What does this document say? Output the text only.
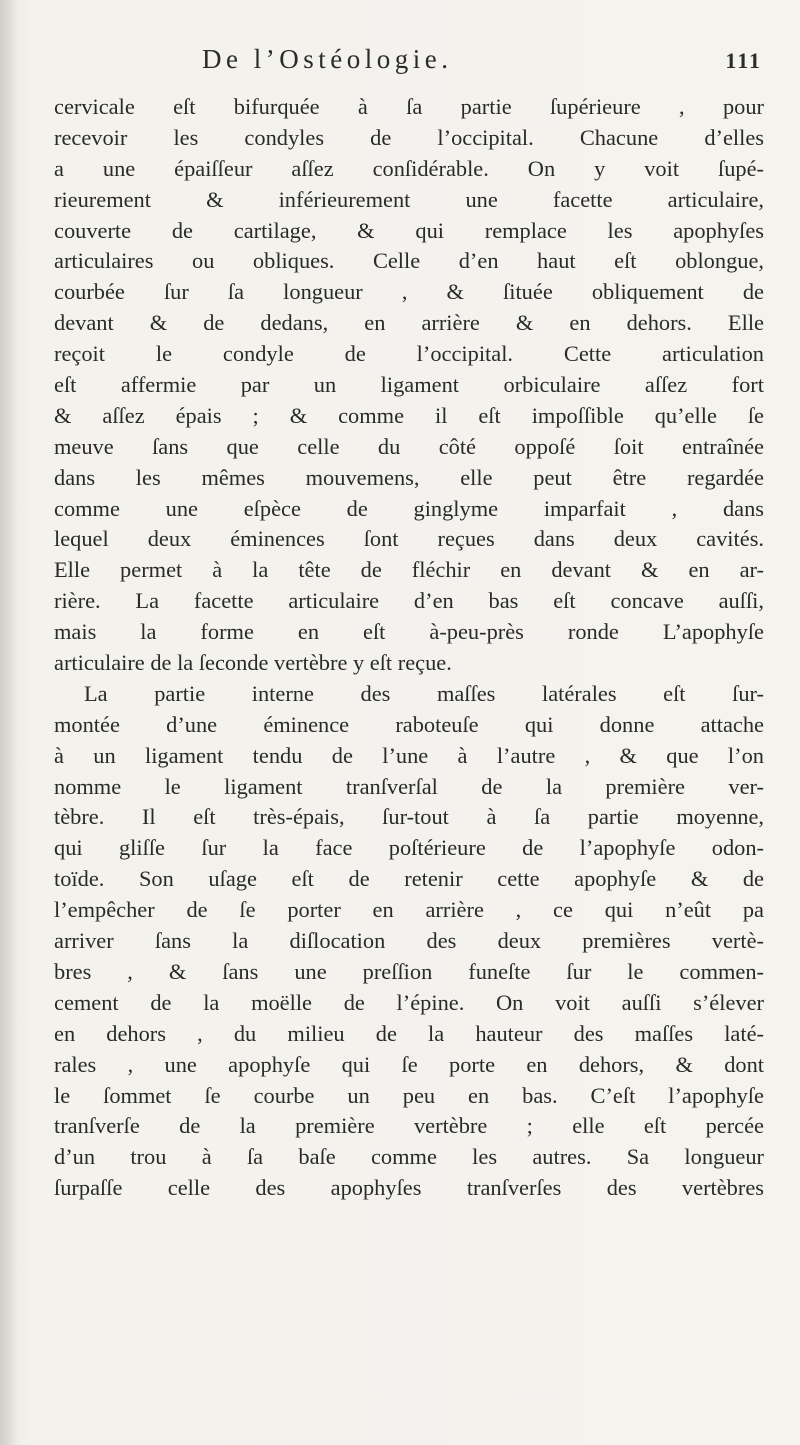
De l’Ostéologie.	111
cervicale eſt bifurquée à ſa partie ſupérieure , pour
recevoir les condyles de l’occipital. Chacune d’elles
a une épaiſſeur aſſez conſidérable. On y voit ſupé-
rieurement & inférieurement une facette articulaire,
couverte de cartilage, & qui remplace les apophyſes
articulaires ou obliques. Celle d’en haut eſt oblongue,
courbée ſur ſa longueur , & ſituée obliquement de
devant & de dedans, en arrière & en dehors. Elle
reçoit le condyle de l’occipital. Cette articulation
eſt affermie par un ligament orbiculaire aſſez fort
& aſſez épais ; & comme il eſt impoſſible qu’elle ſe
meuve ſans que celle du côté oppoſé ſoit entraînée
dans les mêmes mouvemens, elle peut être regardée
comme une eſpèce de ginglyme imparfait , dans
lequel deux éminences ſont reçues dans deux cavités.
Elle permet à la tête de fléchir en devant & en ar-
rière. La facette articulaire d’en bas eſt concave auſſi,
mais la forme en eſt à-peu-près ronde L’apophyſe
articulaire de la ſeconde vertèbre y eſt reçue.
La partie interne des maſſes latérales eſt ſur-
montée d’une éminence raboteuſe qui donne attache
à un ligament tendu de l’une à l’autre , & que l’on
nomme le ligament tranſverſal de la première ver-
tèbre. Il eſt très-épais, ſur-tout à ſa partie moyenne,
qui gliſſe ſur la face poſtérieure de l’apophyſe odon-
toïde. Son uſage eſt de retenir cette apophyſe & de
l’empêcher de ſe porter en arrière , ce qui n’eût pa
arriver ſans la diſlocation des deux premières vertè-
bres , & ſans une preſſion funeſte ſur le commen-
cement de la moëlle de l’épine. On voit auſſi s’élever
en dehors , du milieu de la hauteur des maſſes laté-
rales , une apophyſe qui ſe porte en dehors, & dont
le ſommet ſe courbe un peu en bas. C’eſt l’apophyſe
tranſverſe de la première vertèbre ; elle eſt percée
d’un trou à ſa baſe comme les autres. Sa longueur
ſurpaſſe celle des apophyſes tranſverſes des vertèbres
